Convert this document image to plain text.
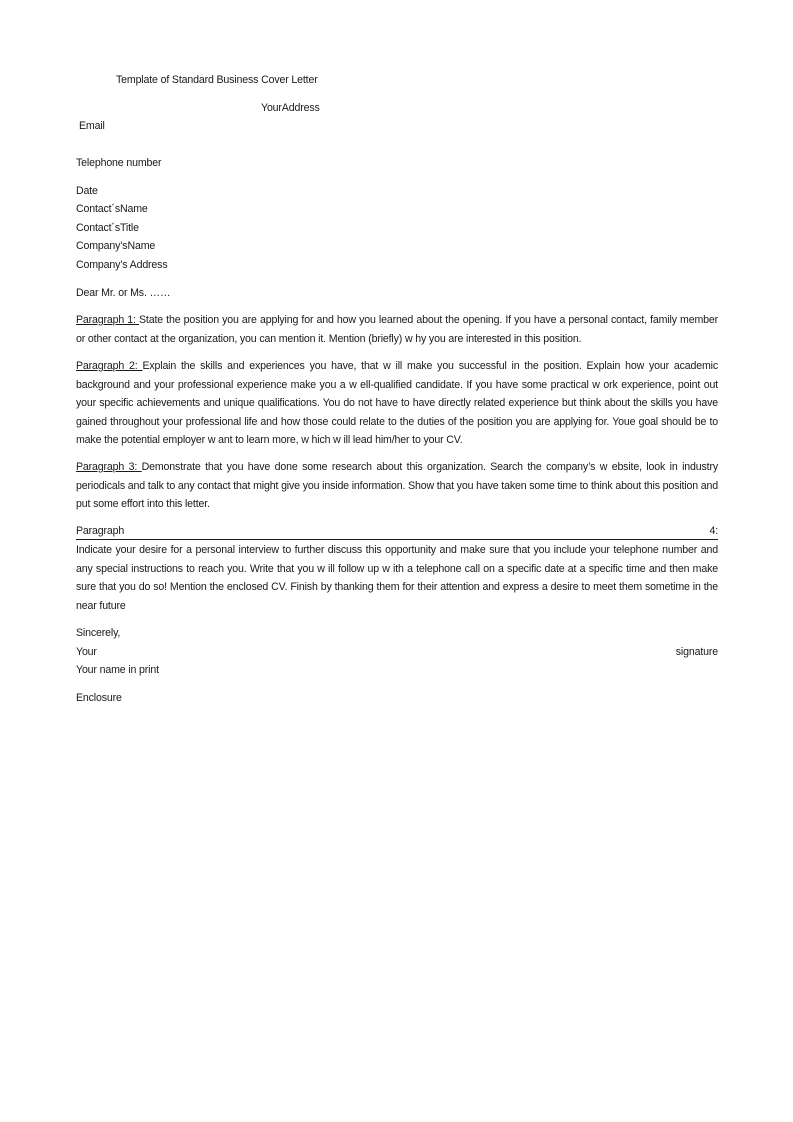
Template of Standard Business Cover Letter
YourAddress
Email
Telephone number
Date
Contact´sName
Contact´sTitle
Company’sName
Company’s Address
Dear Mr. or Ms. ……

Paragraph 1: State the position you are applying for and how you learned about the opening. If you have a personal contact, family member or other contact at the organization, you can mention it. Mention (briefly) w hy you are interested in this position.

Paragraph 2: Explain the skills and experiences you have, that w ill make you successful in the position. Explain how your academic background and your professional experience make you a w ell-qualified candidate. If you have some practical w ork experience, point out your specific achievements and unique qualifications. You do not have to have directly related experience but think about the skills you have gained throughout your professional life and how those could relate to the duties of the position you are applying for. Youe goal should be to make the potential employer w ant to learn more, w hich w ill lead him/her to your CV.

Paragraph 3: Demonstrate that you have done some research about this organization. Search the company’s w ebsite, look in industry periodicals and talk to any contact that might give you inside information. Show that you have taken some time to think about this position and put some effort into this letter.

Paragraph	4:

Indicate your desire for a personal interview to further discuss this opportunity and make sure that you include your telephone number and any special instructions to reach you. Write that you w ill follow up w ith a telephone call on a specific date at a specific time and then make sure that you do so! Mention the enclosed CV. Finish by thanking them for their attention and express a desire to meet them sometime in the near future

Sincerely,
Your	signature
Your name in print
Enclosure
